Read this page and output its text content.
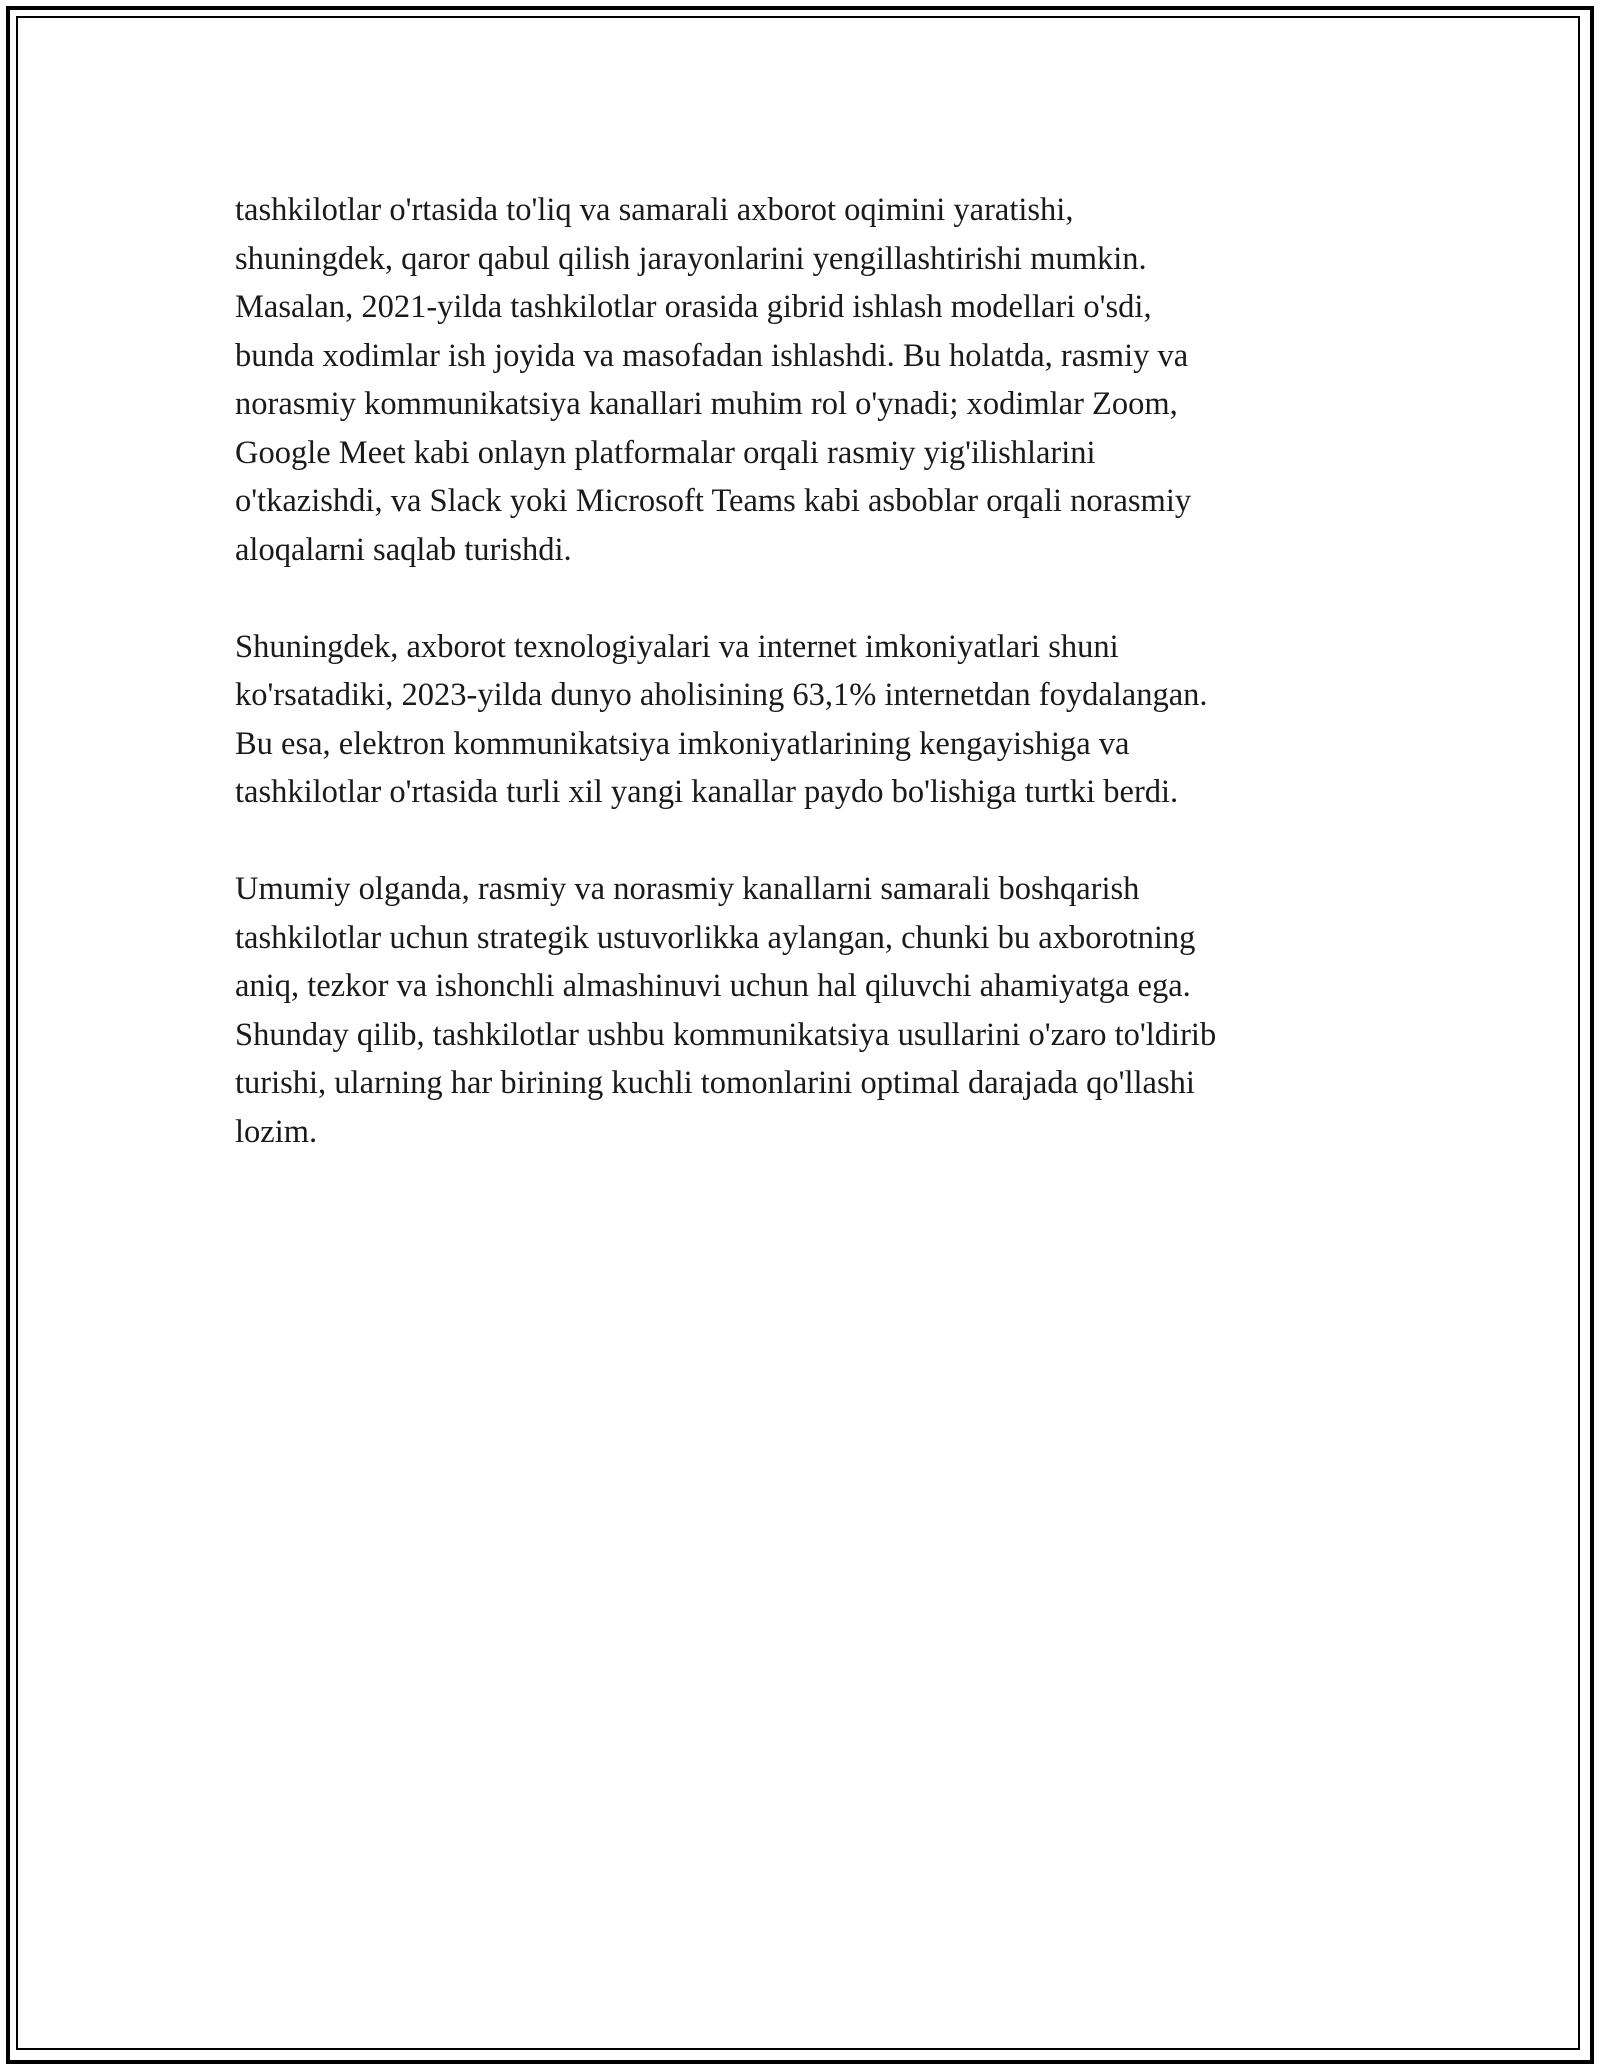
tashkilotlar o'rtasida to'liq va samarali axborot oqimini yaratishi,
shuningdek, qaror qabul qilish jarayonlarini yengillashtirishi mumkin.
Masalan, 2021-yilda tashkilotlar orasida gibrid ishlash modellari o'sdi,
bunda xodimlar ish joyida va masofadan ishlashdi. Bu holatda, rasmiy va
norasmiy kommunikatsiya kanallari muhim rol o'ynadi; xodimlar Zoom,
Google Meet kabi onlayn platformalar orqali rasmiy yig'ilishlarini
o'tkazishdi, va Slack yoki Microsoft Teams kabi asboblar orqali norasmiy
aloqalarni saqlab turishdi.

Shuningdek, axborot texnologiyalari va internet imkoniyatlari shuni
ko'rsatadiki, 2023-yilda dunyo aholisining 63,1% internetdan foydalangan.
Bu esa, elektron kommunikatsiya imkoniyatlarining kengayishiga va
tashkilotlar o'rtasida turli xil yangi kanallar paydo bo'lishiga turtki berdi.

Umumiy olganda, rasmiy va norasmiy kanallarni samarali boshqarish
tashkilotlar uchun strategik ustuvorlikka aylangan, chunki bu axborotning
aniq, tezkor va ishonchli almashinuvi uchun hal qiluvchi ahamiyatga ega.
Shunday qilib, tashkilotlar ushbu kommunikatsiya usullarini o'zaro to'ldirib
turishi, ularning har birining kuchli tomonlarini optimal darajada qo'llashi
lozim.
